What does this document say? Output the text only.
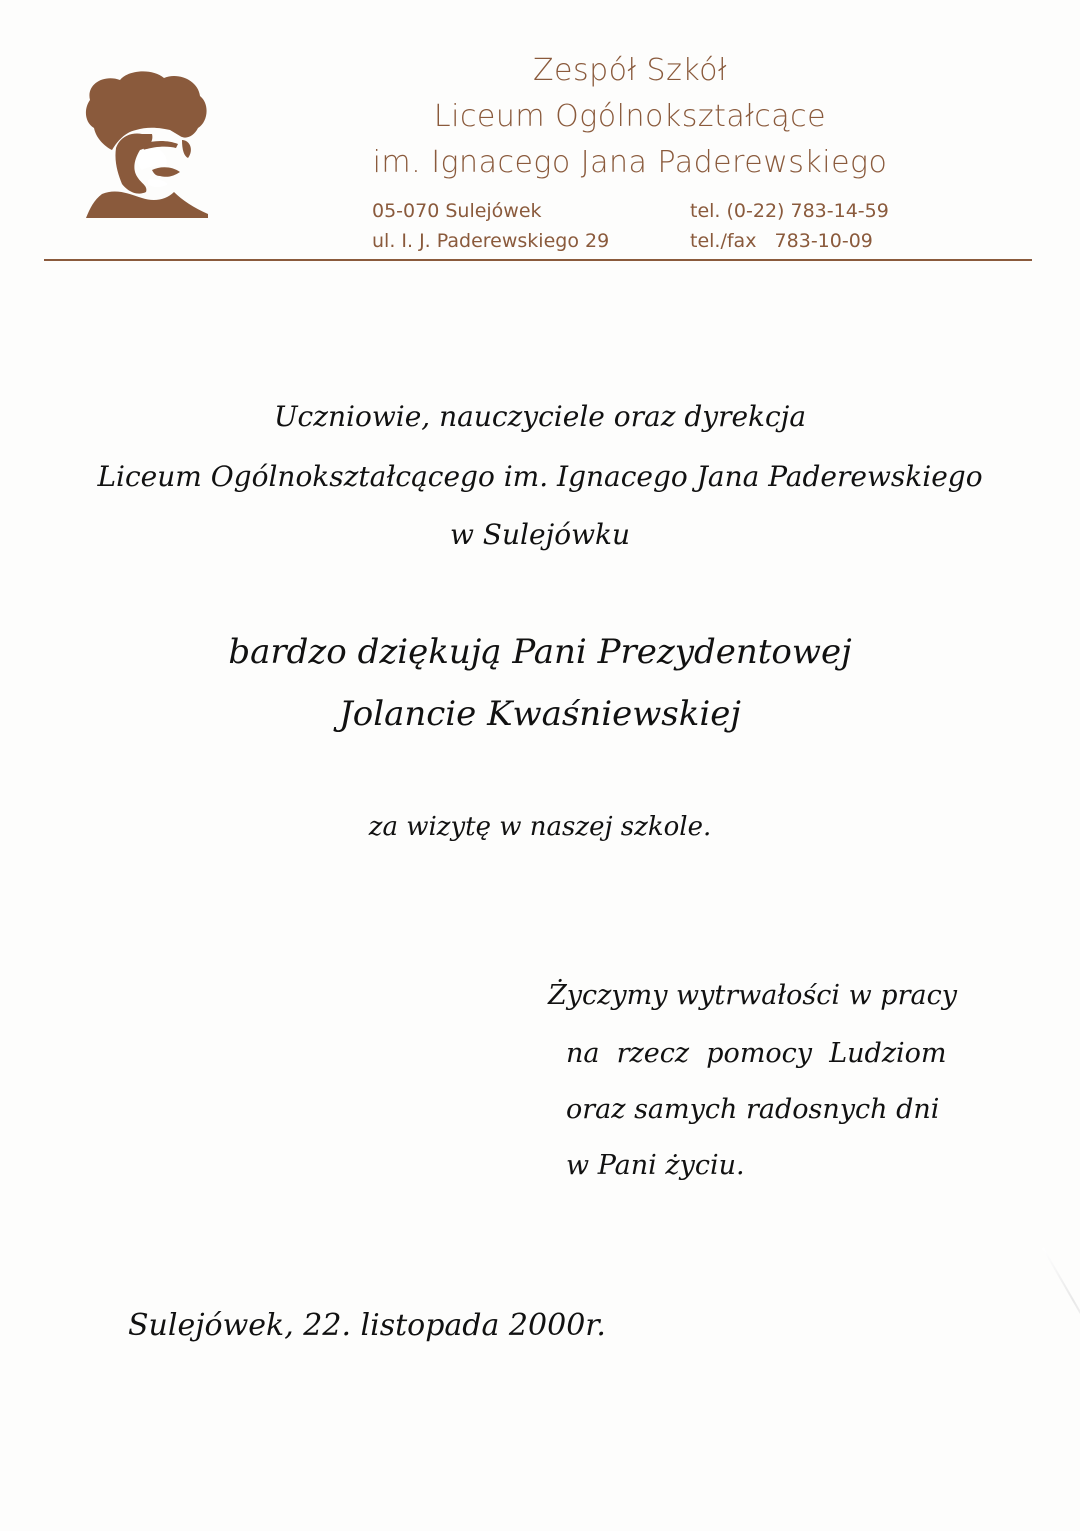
Zespół Szkół
Liceum Ogólnokształcące
im. Ignacego Jana Paderewskiego
05-070 Sulejówek
ul. I. J. Paderewskiego 29
tel. (0-22) 783-14-59
tel./fax   783-10-09
Uczniowie, nauczyciele oraz dyrekcja
Liceum Ogólnokształcącego im. Ignacego Jana Paderewskiego
w Sulejówku
bardzo dziękują Pani Prezydentowej
Jolancie Kwaśniewskiej
za wizytę w naszej szkole.
Życzymy wytrwałości w pracy
na  rzecz  pomocy  Ludziom
oraz samych radosnych dni
w Pani życiu.
Sulejówek, 22. listopada 2000r.
